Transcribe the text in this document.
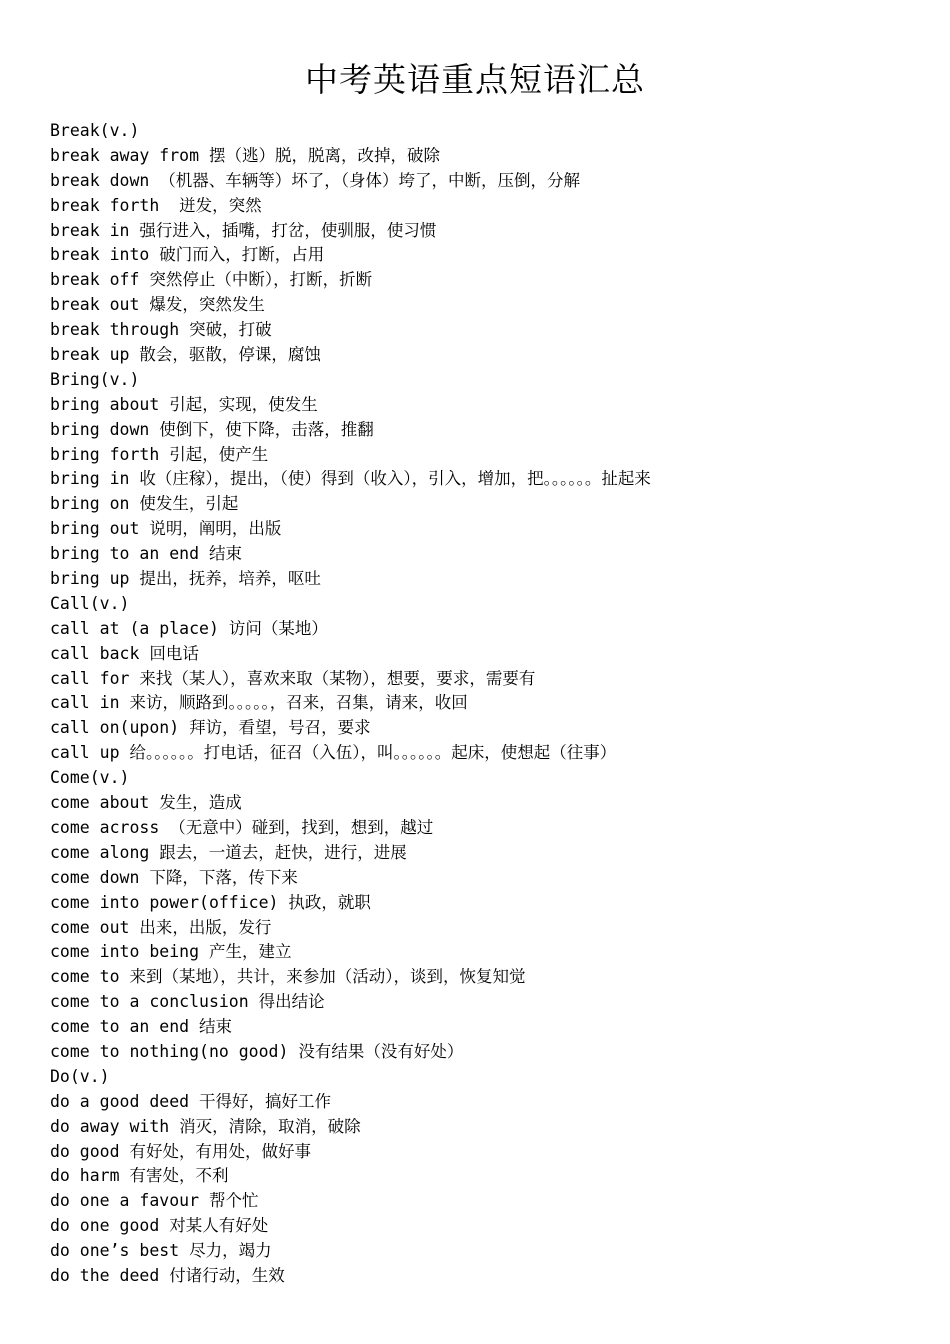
中考英语重点短语汇总
Break(v.)
break away from 摆（逃）脱，脱离，改掉，破除
break down （机器、车辆等）坏了，（身体）垮了，中断，压倒，分解
break forth  迸发，突然
break in 强行进入，插嘴，打岔，使驯服，使习惯
break into 破门而入，打断，占用
break off 突然停止（中断），打断，折断
break out 爆发，突然发生
break through 突破，打破
break up 散会，驱散，停课，腐蚀
Bring(v.)
bring about 引起，实现，使发生
bring down 使倒下，使下降，击落，推翻
bring forth 引起，使产生
bring in 收（庄稼），提出，（使）得到（收入），引入，增加，把。。。。。。扯起来
bring on 使发生，引起
bring out 说明，阐明，出版
bring to an end 结束
bring up 提出，抚养，培养，呕吐
Call(v.)
call at (a place) 访问（某地）
call back 回电话
call for 来找（某人），喜欢来取（某物），想要，要求，需要有
call in 来访，顺路到。。。。。，召来，召集，请来，收回
call on(upon) 拜访，看望，号召，要求
call up 给。。。。。。打电话，征召（入伍），叫。。。。。。起床，使想起（往事）
Come(v.)
come about 发生，造成
come across （无意中）碰到，找到，想到，越过
come along 跟去，一道去，赶快，进行，进展
come down 下降，下落，传下来
come into power(office) 执政，就职
come out 出来，出版，发行
come into being 产生，建立
come to 来到（某地），共计，来参加（活动），谈到，恢复知觉
come to a conclusion 得出结论
come to an end 结束
come to nothing(no good) 没有结果（没有好处）
Do(v.)
do a good deed 干得好，搞好工作
do away with 消灭，清除，取消，破除
do good 有好处，有用处，做好事
do harm 有害处，不利
do one a favour 帮个忙
do one good 对某人有好处
do one’s best 尽力，竭力
do the deed 付诸行动，生效
